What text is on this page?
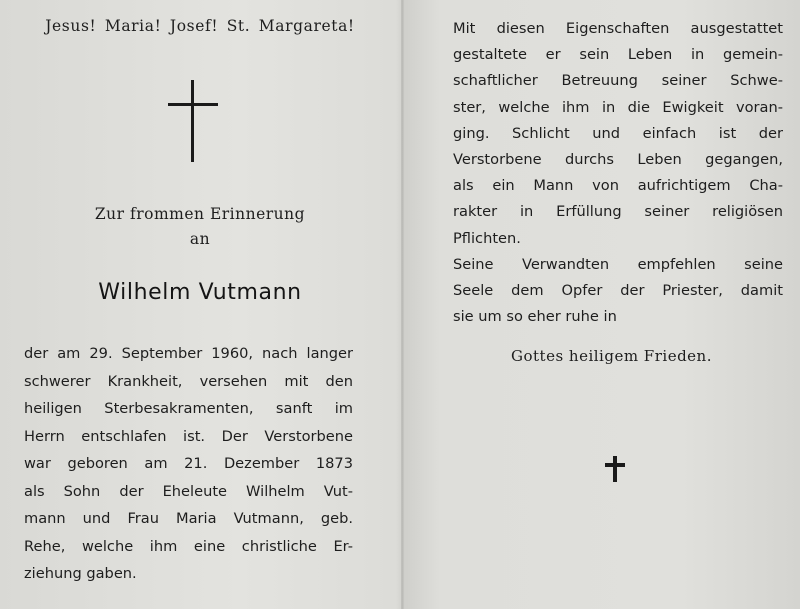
Jesus! Maria! Josef! St. Margareta!
Zur frommen Erinnerung
an
Wilhelm Vutmann
der am 29. September 1960, nach langer
schwerer Krankheit, versehen mit den
heiligen Sterbesakramenten, sanft im
Herrn entschlafen ist. Der Verstorbene
war geboren am 21. Dezember 1873
als Sohn der Eheleute Wilhelm Vut-
mann und Frau Maria Vutmann, geb.
Rehe, welche ihm eine christliche Er-
ziehung gaben.
Mit diesen Eigenschaften ausgestattet
gestaltete er sein Leben in gemein-
schaftlicher Betreuung seiner Schwe-
ster, welche ihm in die Ewigkeit voran-
ging. Schlicht und einfach ist der
Verstorbene durchs Leben gegangen,
als ein Mann von aufrichtigem Cha-
rakter in Erfüllung seiner religiösen
Pflichten.
Seine Verwandten empfehlen seine
Seele dem Opfer der Priester, damit
sie um so eher ruhe in
Gottes heiligem Frieden.
